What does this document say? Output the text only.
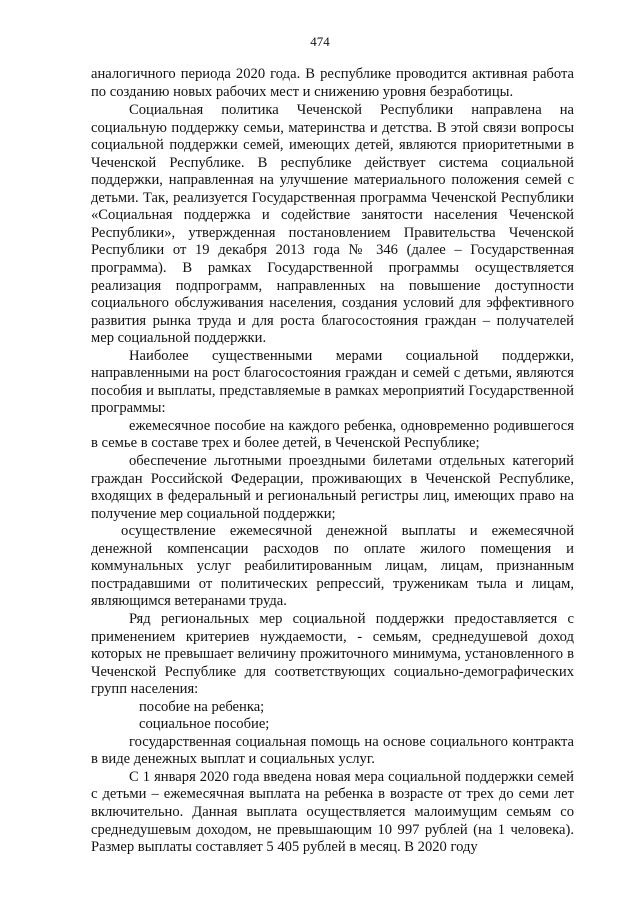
474

аналогичного периода 2020 года. В республике проводится активная работа по созданию новых рабочих мест и снижению уровня безработицы.

Социальная политика Чеченской Республики направлена на социальную поддержку семьи, материнства и детства. В этой связи вопросы социальной поддержки семей, имеющих детей, являются приоритетными в Чеченской Республике. В республике действует система социальной поддержки, направленная на улучшение материального положения семей с детьми. Так, реализуется Государственная программа Чеченской Республики «Социальная поддержка и содействие занятости населения Чеченской Республики», утвержденная постановлением Правительства Чеченской Республики от 19 декабря 2013 года № 346 (далее – Государственная программа). В рамках Государственной программы осуществляется реализация подпрограмм, направленных на повышение доступности социального обслуживания населения, создания условий для эффективного развития рынка труда и для роста благосостояния граждан – получателей мер социальной поддержки.

Наиболее существенными мерами социальной поддержки, направленными на рост благосостояния граждан и семей с детьми, являются пособия и выплаты, представляемые в рамках мероприятий Государственной программы:

ежемесячное пособие на каждого ребенка, одновременно родившегося в семье в составе трех и более детей, в Чеченской Республике;

обеспечение льготными проездными билетами отдельных категорий граждан Российской Федерации, проживающих в Чеченской Республике, входящих в федеральный и региональный регистры лиц, имеющих право на получение мер социальной поддержки;

осуществление ежемесячной денежной выплаты и ежемесячной денежной компенсации расходов по оплате жилого помещения и коммунальных услуг реабилитированным лицам, лицам, признанным пострадавшими от политических репрессий, труженикам тыла и лицам, являющимся ветеранами труда.

Ряд региональных мер социальной поддержки предоставляется с применением критериев нуждаемости, - семьям, среднедушевой доход которых не превышает величину прожиточного минимума, установленного в Чеченской Республике для соответствующих социально-демографических групп населения:

пособие на ребенка;

социальное пособие;

государственная социальная помощь на основе социального контракта в виде денежных выплат и социальных услуг.

С 1 января 2020 года введена новая мера социальной поддержки семей с детьми – ежемесячная выплата на ребенка в возрасте от трех до семи лет включительно. Данная выплата осуществляется малоимущим семьям со среднедушевым доходом, не превышающим 10 997 рублей (на 1 человека). Размер выплаты составляет 5 405 рублей в месяц. В 2020 году
